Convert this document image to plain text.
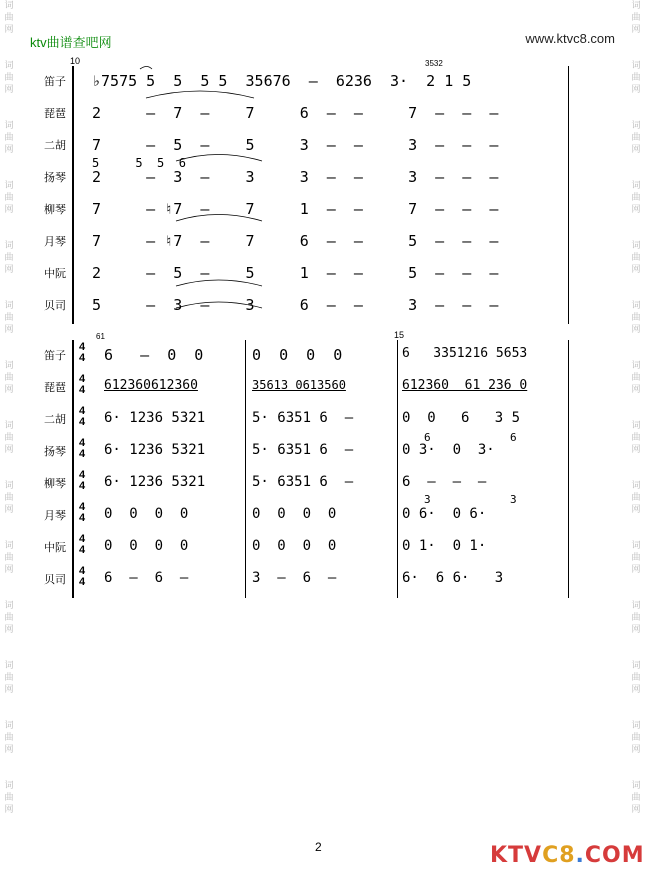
词
曲
网
词
曲
网
词
曲
网
词
曲
网
词
曲
网
词
曲
网
词
曲
网
词
曲
网
词
曲
网
词
曲
网
词
曲
网
词
曲
网
词
曲
网
词
曲
网
词
曲
网
词
曲
网
词
曲
网
词
曲
网
词
曲
网
词
曲
网
词
曲
网
词
曲
网
词
曲
网
词
曲
网
词
曲
网
词
曲
网
词
曲
网
词
曲
网
ktv曲谱查吧网	www.ktvc8.com
10	3532
笛子 ♭7575 5  5  5 5  35676  –  6236  3·  2 1 5
琵琶 2     –  7  –    7     6  –  –     7  –  –  –
二胡 7     –  5  –    5     3  –  –     3  –  –  –
5     5  5  6
扬琴 2     –  3  –    3     3  –  –     3  –  –  –
柳琴 7     – ♮7  –    7     1  –  –     7  –  –  –
月琴 7     – ♮7  –    7     6  –  –     5  –  –  –
中阮 2     –  5  –    5     1  –  –     5  –  –  –
贝司 5     –  3  –    3     6  –  –     3  –  –  –
61	15
笛子
4
4 6   –  0  0	0  0  0  0	6   3351216 5653
琵琶
4
4 612360612360	35613 0613560	612360  61 236 0
二胡
4
4 6· 1236 5321	5· 6351 6  –	0  0   6   3 5
6	6
扬琴
4
4 6· 1236 5321	5· 6351 6  –	0 3·  0  3·
柳琴
4
4 6· 1236 5321	5· 6351 6  –	6  –  –  –
3	3
月琴
4
4 0  0  0  0	0  0  0  0	0 6·  0 6·
中阮
4
4 0  0  0  0	0  0  0  0	0 1·  0 1·
贝司
4
4 6  –  6  –	3  –  6  –	6·  6 6·   3
2	KTVC8.COM
